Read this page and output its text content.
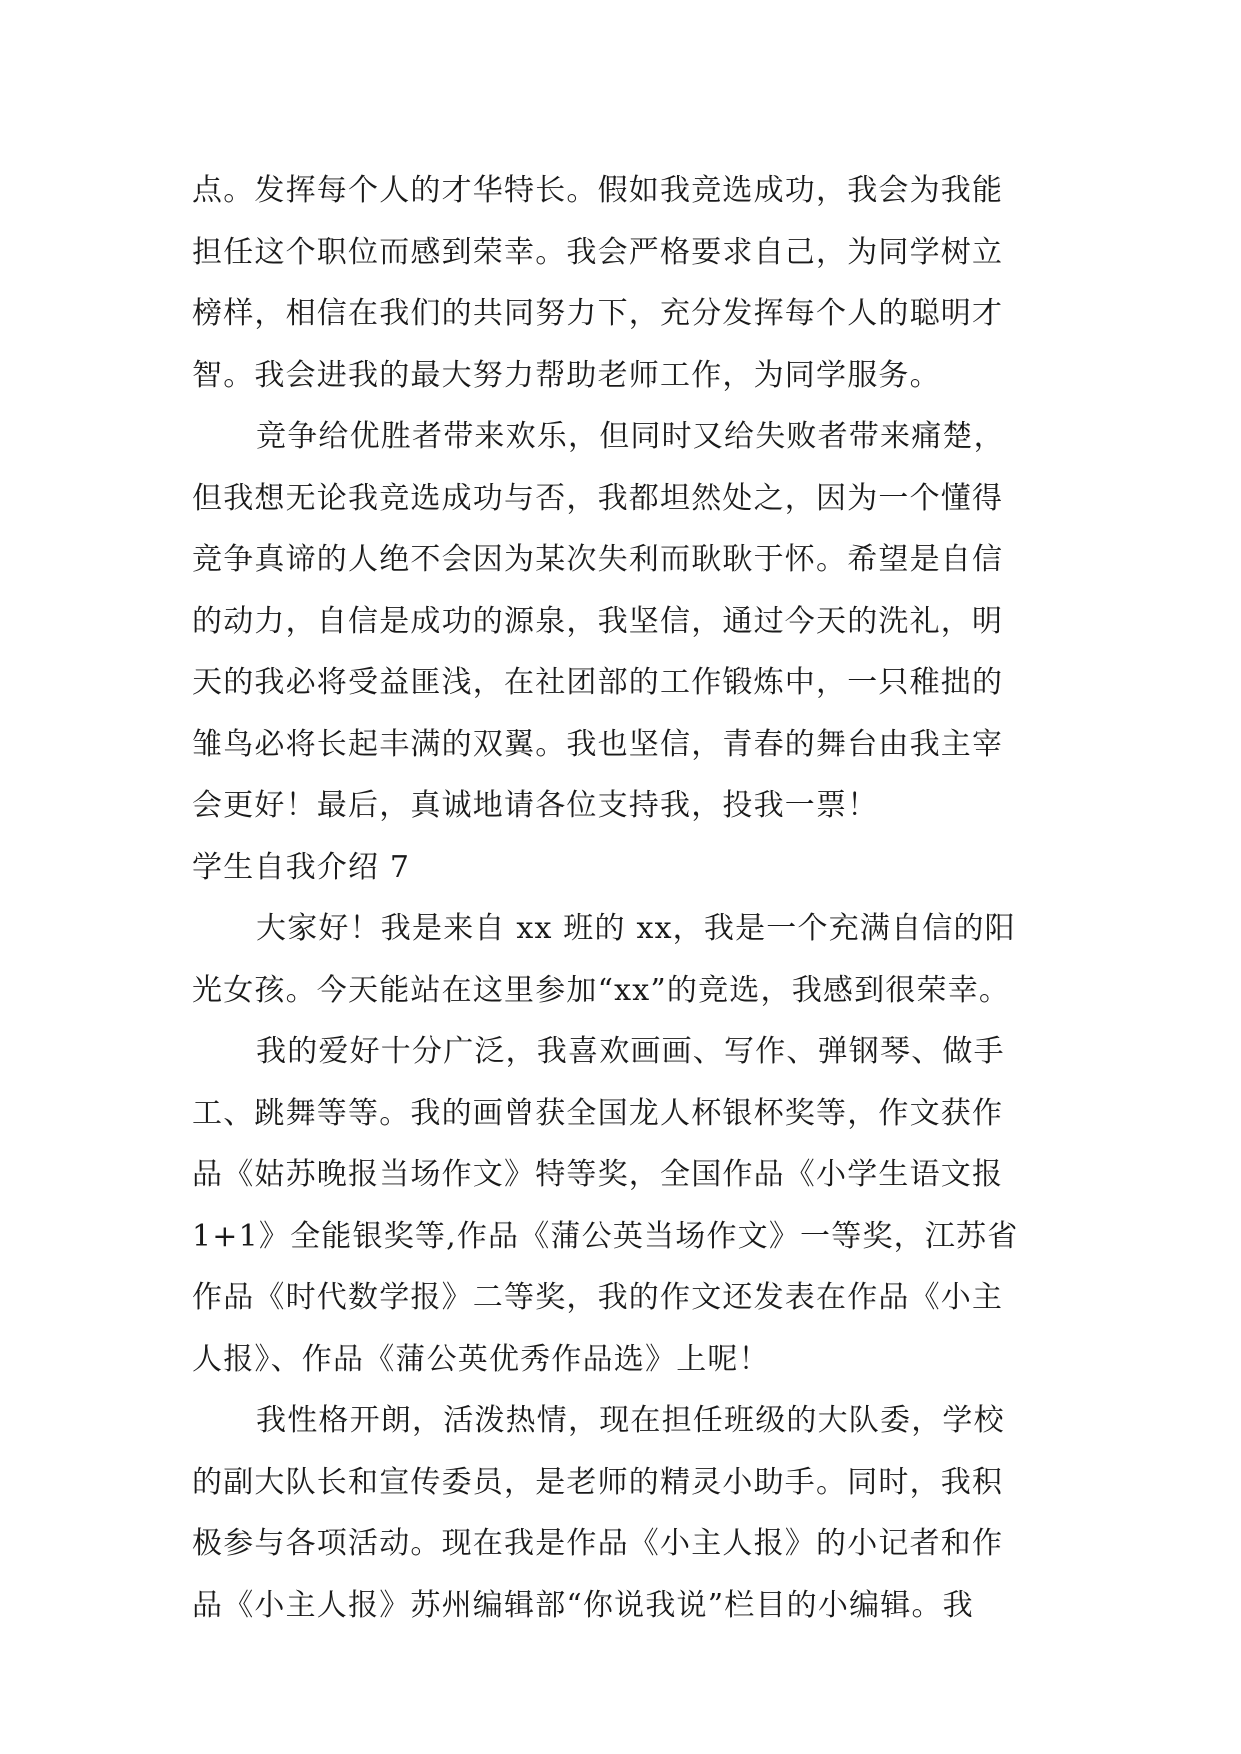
点。发挥每个人的才华特长。假如我竞选成功，我会为我能
担任这个职位而感到荣幸。我会严格要求自己，为同学树立
榜样，相信在我们的共同努力下，充分发挥每个人的聪明才
智。我会进我的最大努力帮助老师工作，为同学服务。
竞争给优胜者带来欢乐，但同时又给失败者带来痛楚，
但我想无论我竞选成功与否，我都坦然处之，因为一个懂得
竞争真谛的人绝不会因为某次失利而耿耿于怀。希望是自信
的动力，自信是成功的源泉，我坚信，通过今天的洗礼，明
天的我必将受益匪浅，在社团部的工作锻炼中，一只稚拙的
雏鸟必将长起丰满的双翼。我也坚信，青春的舞台由我主宰
会更好！最后，真诚地请各位支持我，投我一票！
学生自我介绍 7
大家好！我是来自 xx 班的 xx，我是一个充满自信的阳
光女孩。今天能站在这里参加“xx”的竞选，我感到很荣幸。
我的爱好十分广泛，我喜欢画画、写作、弹钢琴、做手
工、跳舞等等。我的画曾获全国龙人杯银杯奖等，作文获作
品《姑苏晚报当场作文》特等奖，全国作品《小学生语文报
1+1》全能银奖等,作品《蒲公英当场作文》一等奖，江苏省
作品《时代数学报》二等奖，我的作文还发表在作品《小主
人报》、作品《蒲公英优秀作品选》上呢！
我性格开朗，活泼热情，现在担任班级的大队委，学校
的副大队长和宣传委员，是老师的精灵小助手。同时，我积
极参与各项活动。现在我是作品《小主人报》的小记者和作
品《小主人报》苏州编辑部“你说我说”栏目的小编辑。我
